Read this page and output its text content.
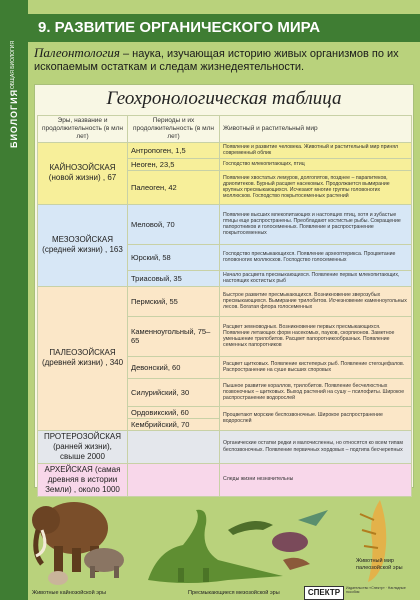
БИОЛОГИЯ
ОБЩАЯ БИОЛОГИЯ
9. РАЗВИТИЕ ОРГАНИЧЕСКОГО МИРА
Палеонтология – наука, изучающая историю живых организмов по их ископаемым остаткам и следам жизнедеятельности.
Геохронологическая таблица
Эры, название и продолжительность (в млн лет)	Периоды и их продолжительность (в млн лет)	Животный и растительный мир
КАЙНОЗОЙСКАЯ (новой жизни) , 67	Антропоген, 1,5	Появление и развитие человека. Животный и растительный мир принял современный облик
	Неоген, 23,5	Господство млекопитающих, птиц
	Палеоген, 42	Появление хвостатых лемуров, долгопятов, позднее – парапитеков, дриопитеков. Бурный расцвет насекомых. Продолжается вымирание крупных пресмыкающихся. Исчезают многие группы головоногих моллюсков. Господство покрытосеменных растений
МЕЗОЗОЙСКАЯ (средней жизни) , 163	Меловой, 70	Появление высших млекопитающих и настоящих птиц, хотя и зубастые птицы еще распространены. Преобладают костистые рыбы. Сокращение папоротников и голосеменных. Появление и распространение покрытосеменных
	Юрский, 58	Господство пресмыкающихся. Появление археоптерикса. Процветание головоногих моллюсков. Господство голосеменных
	Триасовый, 35	Начало расцвета пресмыкающихся. Появление первых млекопитающих, настоящих костистых рыб
ПАЛЕОЗОЙСКАЯ (древней жизни) , 340	Пермский, 55	Быстрое развитие пресмыкающихся. Возникновение зверозубых пресмыкающихся. Вымирание трилобитов. Исчезновение каменноугольных лесов. Богатая флора голосеменных
	Каменноугольный, 75–65	Расцвет земноводных. Возникновение первых пресмыкающихся. Появление летающих форм насекомых, пауков, скорпионов. Заметное уменьшение трилобитов. Расцвет папоротникообразных. Появление семенных папоротников
	Девонский, 60	Расцвет щитковых. Появление кистеперых рыб. Появление стегоцефалов. Распространение на суше высших споровых
	Силурийский, 30	Пышное развитие кораллов, трилобитов. Появление бесчелюстных позвоночных – щитковых. Выход растений на сушу – псилофиты. Широкое распространение водорослей
	Ордовикский, 60	Процветают морские беспозвоночные. Широкое распространение водорослей
	Кембрийский, 70	
ПРОТЕРОЗОЙСКАЯ (ранней жизни), свыше 2000		Органические остатки редки и малочисленны, но относятся ко всем типам беспозвоночных. Появление первичных хордовых – подтипа бесчерепных
АРХЕЙСКАЯ (самая древняя в истории Земли) , около 1000		Следы жизни незначительны
Животные кайнозойской эры	Пресмыкающиеся мезозойской эры
Животный мир палеозойской эры
СПЕКТР	Издательство «Спектр» · Наглядные пособия
